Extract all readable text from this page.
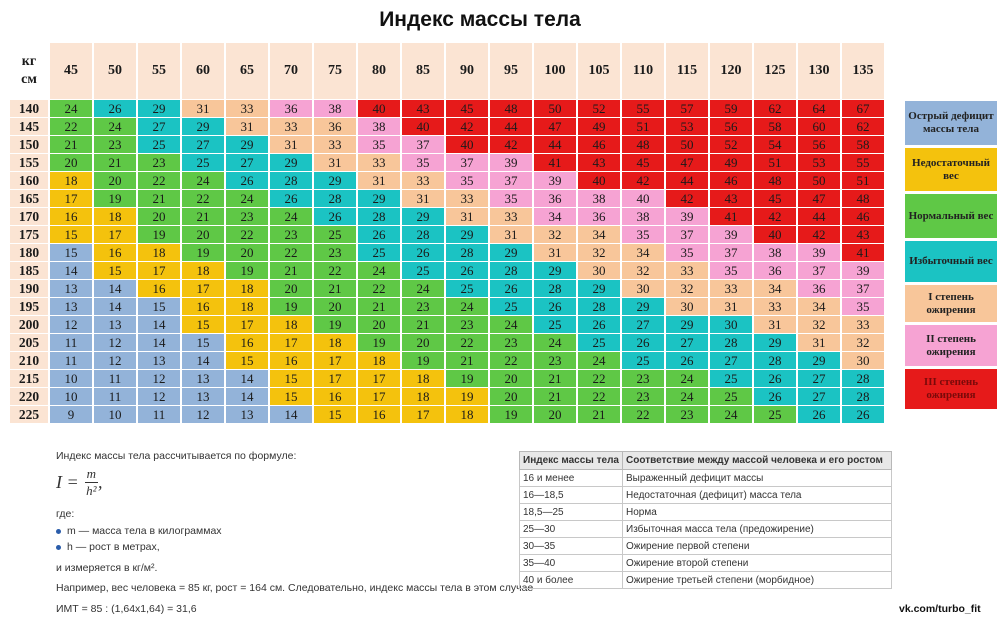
Индекс массы тела
кг
см	45	50	55	60	65	70	75	80	85	90	95	100	105	110	115	120	125	130	135
140	24	26	29	31	33	36	38	40	43	45	48	50	52	55	57	59	62	64	67
145	22	24	27	29	31	33	36	38	40	42	44	47	49	51	53	56	58	60	62
150	21	23	25	27	29	31	33	35	37	40	42	44	46	48	50	52	54	56	58
155	20	21	23	25	27	29	31	33	35	37	39	41	43	45	47	49	51	53	55
160	18	20	22	24	26	28	29	31	33	35	37	39	40	42	44	46	48	50	51
165	17	19	21	22	24	26	28	29	31	33	35	36	38	40	42	43	45	47	48
170	16	18	20	21	23	24	26	28	29	31	33	34	36	38	39	41	42	44	46
175	15	17	19	20	22	23	25	26	28	29	31	32	34	35	37	39	40	42	43
180	15	16	18	19	20	22	23	25	26	28	29	31	32	34	35	37	38	39	41
185	14	15	17	18	19	21	22	24	25	26	28	29	30	32	33	35	36	37	39
190	13	14	16	17	18	20	21	22	24	25	26	28	29	30	32	33	34	36	37
195	13	14	15	16	18	19	20	21	23	24	25	26	28	29	30	31	33	34	35
200	12	13	14	15	17	18	19	20	21	23	24	25	26	27	29	30	31	32	33
205	11	12	14	15	16	17	18	19	20	22	23	24	25	26	27	28	29	31	32
210	11	12	13	14	15	16	17	18	19	21	22	23	24	25	26	27	28	29	30
215	10	11	12	13	14	15	17	17	18	19	20	21	22	23	24	25	26	27	28
220	10	11	12	13	14	15	16	17	18	19	20	21	22	23	24	25	26	27	28
225	9	10	11	12	13	14	15	16	17	18	19	20	21	22	23	24	25	26	26
Острый дефицит массы тела
Недостаточный вес
Нормальный вес
Избыточный вес
I степень ожирения
II степень ожирения
III степень ожирения

Индекс массы тела рассчитывается по формуле:

$I = \frac{m}{\text{h²}}$ ,

где:

m — масса тела в килограммах
h — рост в метрах,

и измеряется в кг/м².

Например, вес человека = 85 кг, рост = 164 см. Следовательно, индекс массы тела в этом случае

ИМТ = 85 : (1,64х1,64) = 31,6

Индекс массы тела	Соответствие между массой человека и его ростом
16 и менее	Выраженный дефицит массы
16—18,5	Недостаточная (дефицит) масса тела
18,5—25	Норма
25—30	Избыточная масса тела (предожирение)
30—35	Ожирение первой степени
35—40	Ожирение второй степени
40 и более	Ожирение третьей степени (морбидное)
vk.com/turbo_fit
